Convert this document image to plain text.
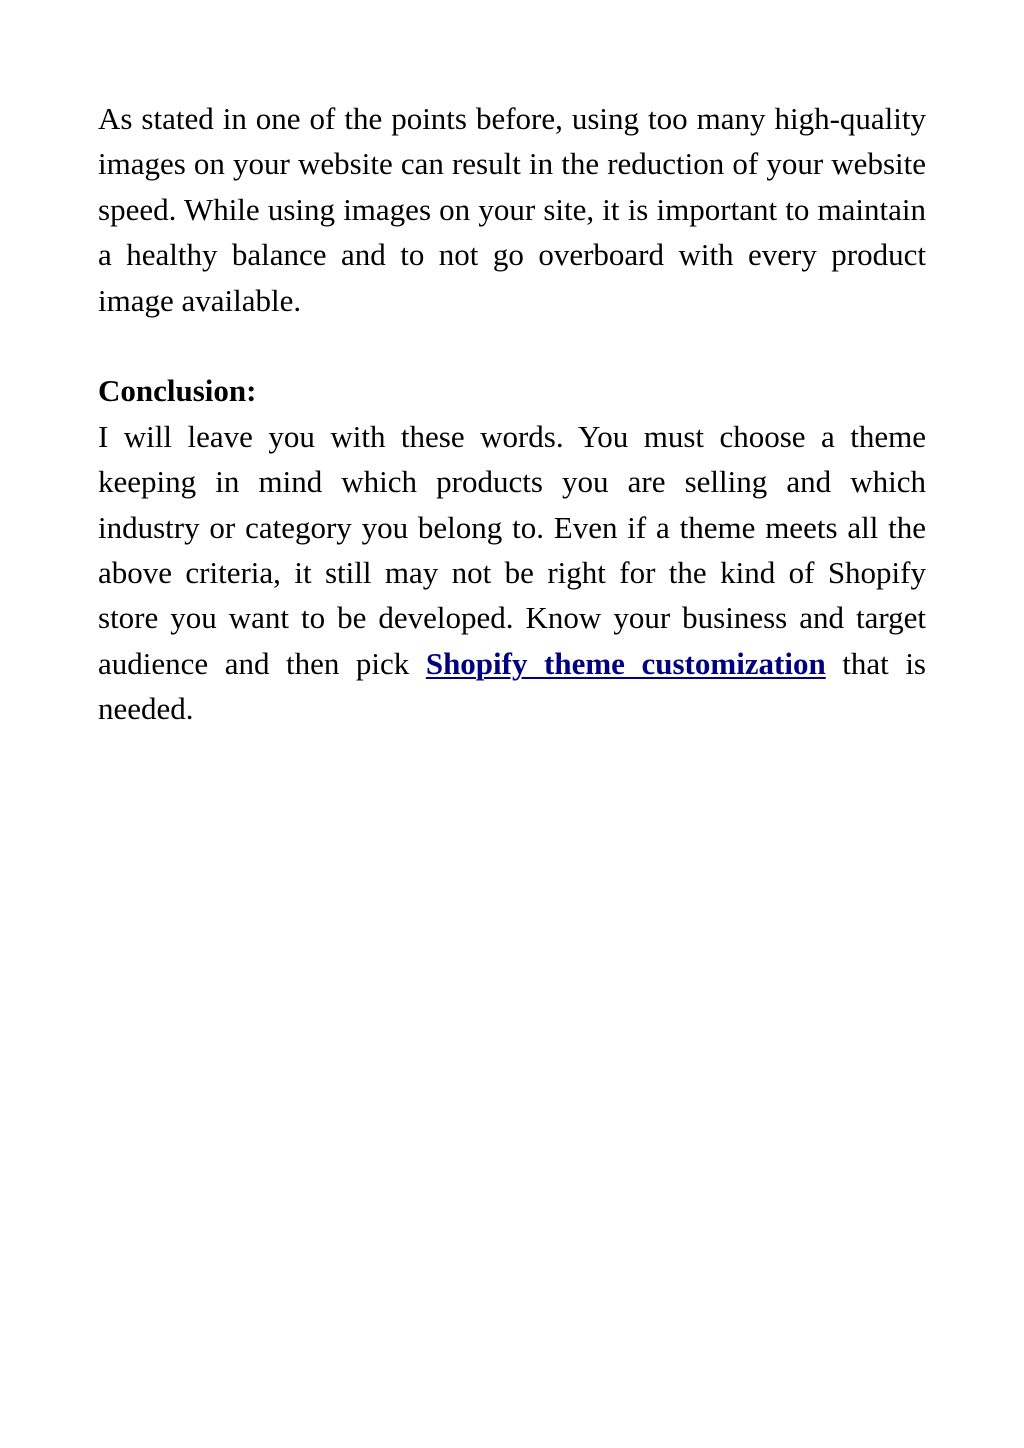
As stated in one of the points before, using too many high-quality images on your website can result in the reduction of your website speed. While using images on your site, it is important to maintain a healthy balance and to not go overboard with every product image available.

Conclusion:

I will leave you with these words. You must choose a theme keeping in mind which products you are selling and which industry or category you belong to. Even if a theme meets all the above criteria, it still may not be right for the kind of Shopify store you want to be developed. Know your business and target audience and then pick Shopify theme customization that is needed.
